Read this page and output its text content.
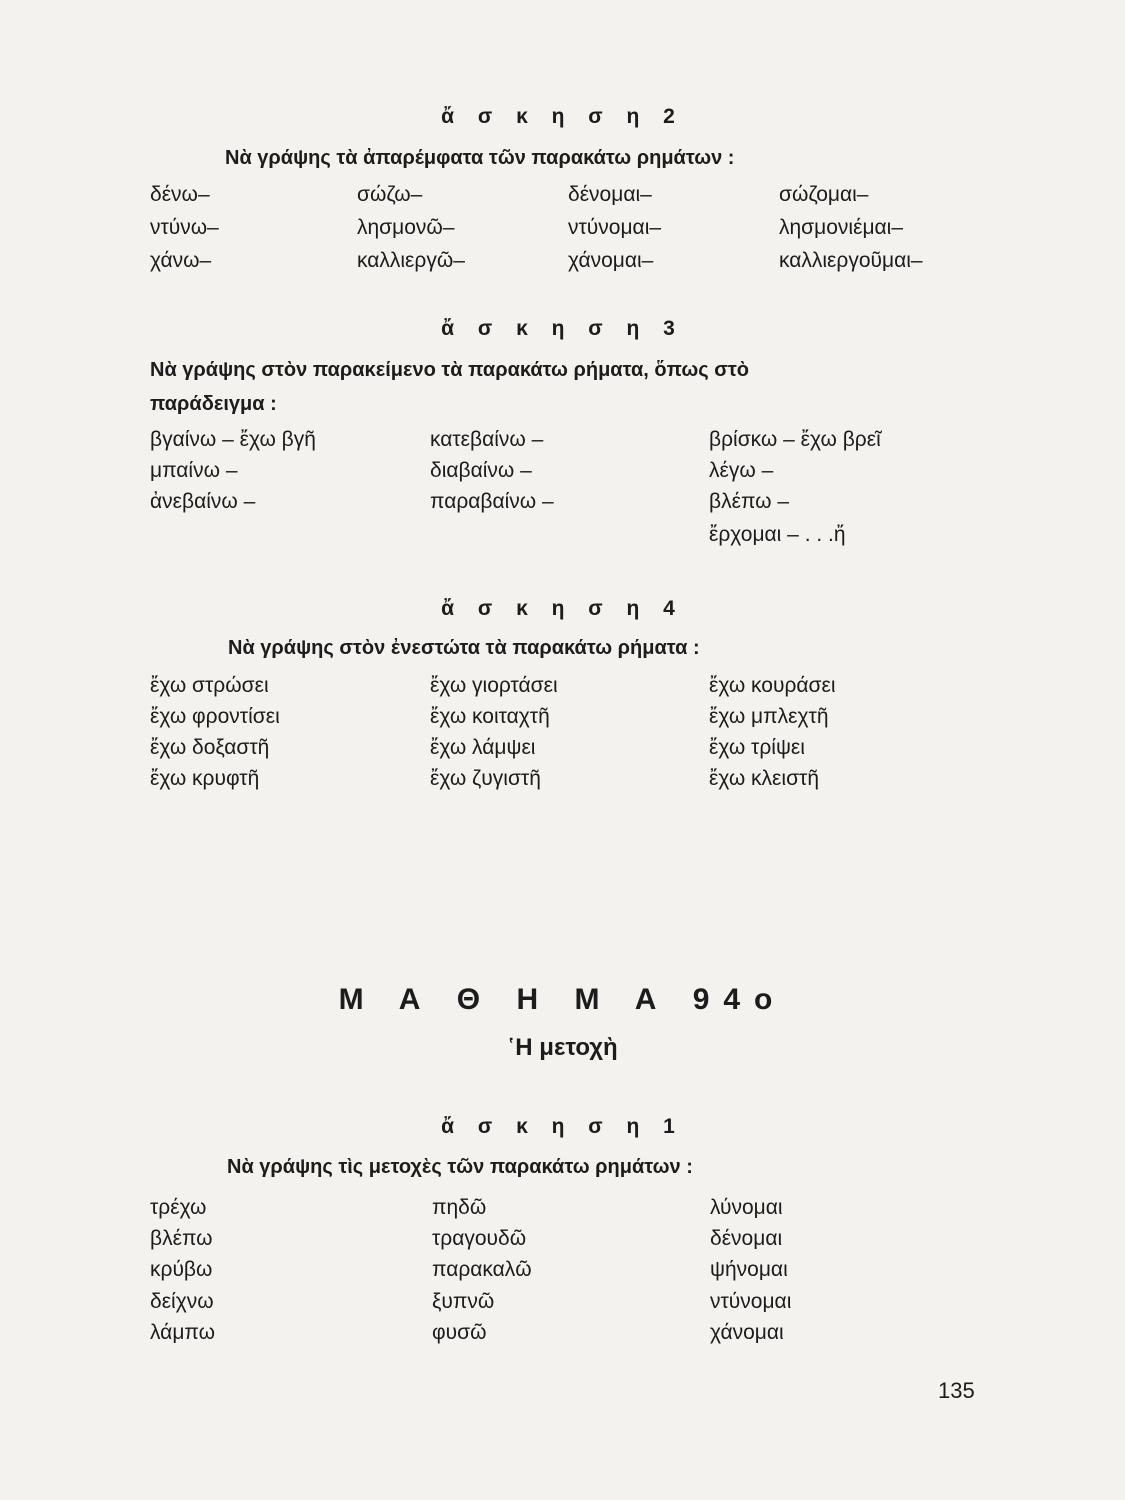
ἄ σ κ η σ η 2
Νὰ γράψης τὰ ἀπαρέμφατα τῶν παρακάτω ρημάτων :
δένω–
ντύνω–
χάνω–
σώζω–
λησμονῶ–
καλλιεργῶ–
δένομαι–
ντύνομαι–
χάνομαι–
σώζομαι–
λησμονιέμαι–
καλλιεργοῦμαι–
ἄ σ κ η σ η 3
Νὰ γράψης στὸν παρακείμενο τὰ παρακάτω ρήματα, ὅπως στὸ
παράδειγμα :
βγαίνω – ἔχω βγῆ
μπαίνω –
ἀνεβαίνω –
κατεβαίνω –
διαβαίνω –
παραβαίνω –
βρίσκω – ἔχω βρεῖ
λέγω –
βλέπω –
ἔρχομαι – . . .ἤ
ἄ σ κ η σ η 4
Νὰ γράψης στὸν ἐνεστώτα τὰ παρακάτω ρήματα :
ἔχω στρώσει
ἔχω φροντίσει
ἔχω δοξαστῆ
ἔχω κρυφτῆ
ἔχω γιορτάσει
ἔχω κοιταχτῆ
ἔχω λάμψει
ἔχω ζυγιστῆ
ἔχω κουράσει
ἔχω μπλεχτῆ
ἔχω τρίψει
ἔχω κλειστῆ
Μ Α Θ Η Μ Α 94ο
῾Η μετοχὴ
ἄ σ κ η σ η 1
Νὰ γράψης τὶς μετοχὲς τῶν παρακάτω ρημάτων :
τρέχω
βλέπω
κρύβω
δείχνω
λάμπω
πηδῶ
τραγουδῶ
παρακαλῶ
ξυπνῶ
φυσῶ
λύνομαι
δένομαι
ψήνομαι
ντύνομαι
χάνομαι
135
